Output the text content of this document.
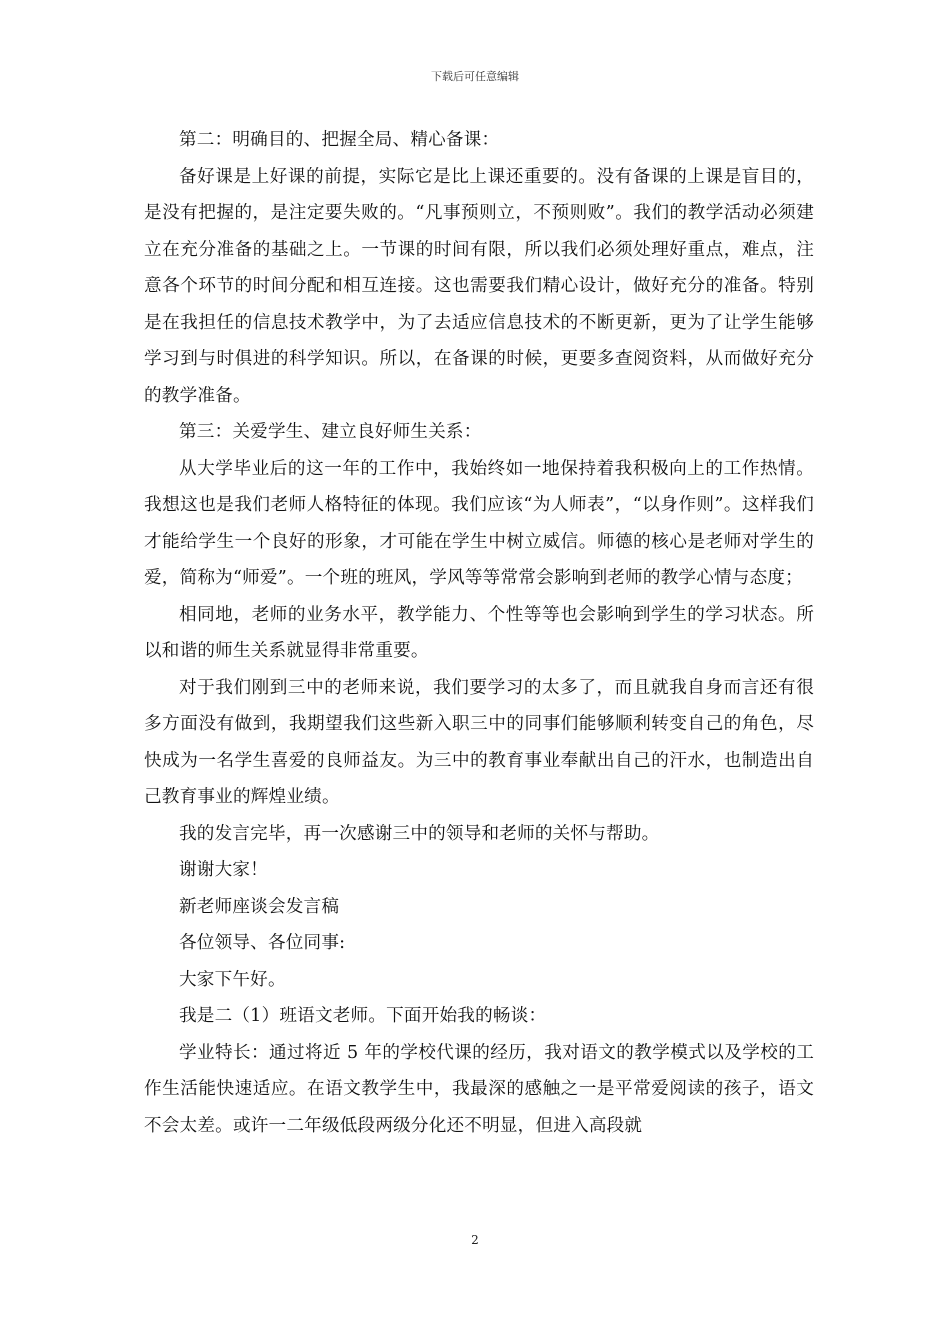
下载后可任意编辑

第二：明确目的、把握全局、精心备课：

备好课是上好课的前提，实际它是比上课还重要的。没有备课的上课是盲目的，是没有把握的，是注定要失败的。“凡事预则立，不预则败”。我们的教学活动必须建立在充分准备的基础之上。一节课的时间有限，所以我们必须处理好重点，难点，注意各个环节的时间分配和相互连接。这也需要我们精心设计，做好充分的准备。特别是在我担任的信息技术教学中，为了去适应信息技术的不断更新，更为了让学生能够学习到与时俱进的科学知识。所以，在备课的时候，更要多查阅资料，从而做好充分的教学准备。

第三：关爱学生、建立良好师生关系：

从大学毕业后的这一年的工作中，我始终如一地保持着我积极向上的工作热情。我想这也是我们老师人格特征的体现。我们应该“为人师表”，“以身作则”。这样我们才能给学生一个良好的形象，才可能在学生中树立威信。师德的核心是老师对学生的爱，简称为“师爱”。一个班的班风，学风等等常常会影响到老师的教学心情与态度；

相同地，老师的业务水平，教学能力、个性等等也会影响到学生的学习状态。所以和谐的师生关系就显得非常重要。

对于我们刚到三中的老师来说，我们要学习的太多了，而且就我自身而言还有很多方面没有做到，我期望我们这些新入职三中的同事们能够顺利转变自己的角色，尽快成为一名学生喜爱的良师益友。为三中的教育事业奉献出自己的汗水，也制造出自己教育事业的辉煌业绩。

我的发言完毕，再一次感谢三中的领导和老师的关怀与帮助。

谢谢大家！

新老师座谈会发言稿

各位领导、各位同事:

大家下午好。

我是二（1）班语文老师。下面开始我的畅谈：

学业特长：通过将近 5 年的学校代课的经历，我对语文的教学模式以及学校的工作生活能快速适应。在语文教学生中，我最深的感触之一是平常爱阅读的孩子，语文不会太差。或许一二年级低段两级分化还不明显，但进入高段就

2
